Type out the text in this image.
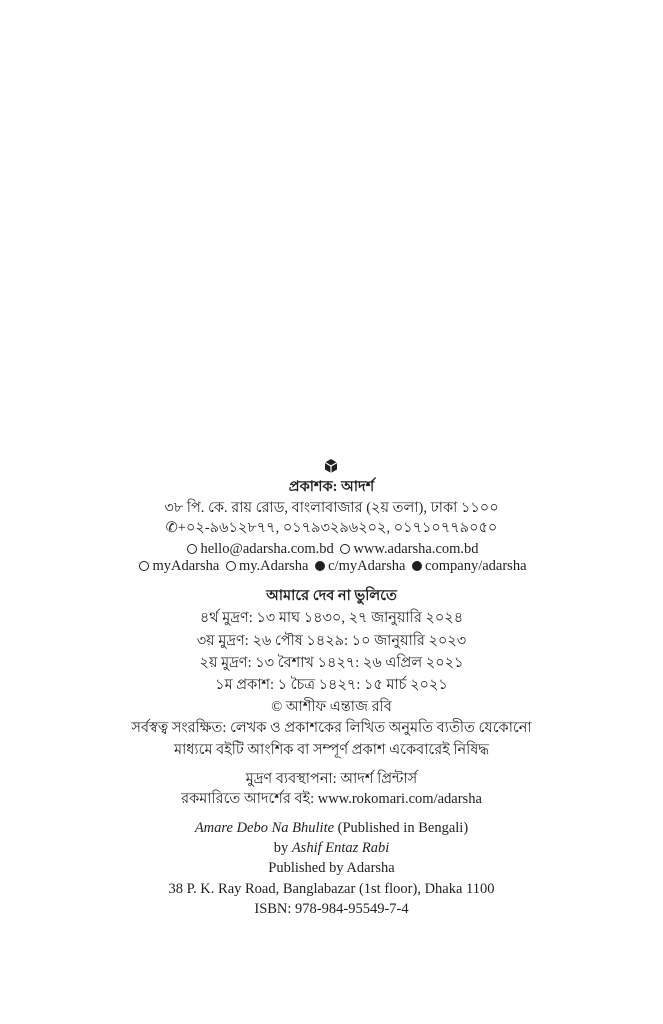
প্রকাশক: আদর্শ
৩৮ পি. কে. রায় রোড, বাংলাবাজার (২য় তলা), ঢাকা ১১০০
✆+০২-৯৬১২৮৭৭, ০১৭৯৩২৯৬২০২, ০১৭১০৭৭৯০৫০
hello@adarsha.com.bd www.adarsha.com.bd
myAdarsha my.Adarsha c/myAdarsha company/adarsha
আমারে দেব না ভুলিতে
৪র্থ মুদ্রণ: ১৩ মাঘ ১৪৩০, ২৭ জানুয়ারি ২০২৪
৩য় মুদ্রণ: ২৬ পৌষ ১৪২৯: ১০ জানুয়ারি ২০২৩
২য় মুদ্রণ: ১৩ বৈশাখ ১৪২৭: ২৬ এপ্রিল ২০২১
১ম প্রকাশ: ১ চৈত্র ১৪২৭: ১৫ মার্চ ২০২১
© আশীফ এন্তাজ রবি
সর্বস্বত্ব সংরক্ষিত: লেখক ও প্রকাশকের লিখিত অনুমতি ব্যতীত যেকোনো
মাধ্যমে বইটি আংশিক বা সম্পূর্ণ প্রকাশ একেবারেই নিষিদ্ধ
মুদ্রণ ব্যবস্থাপনা: আদর্শ প্রিন্টার্স
রকমারিতে আদর্শের বই: www.rokomari.com/adarsha
Amare Debo Na Bhulite (Published in Bengali)
by Ashif Entaz Rabi
Published by Adarsha
38 P. K. Ray Road, Banglabazar (1st floor), Dhaka 1100
ISBN: 978-984-95549-7-4
